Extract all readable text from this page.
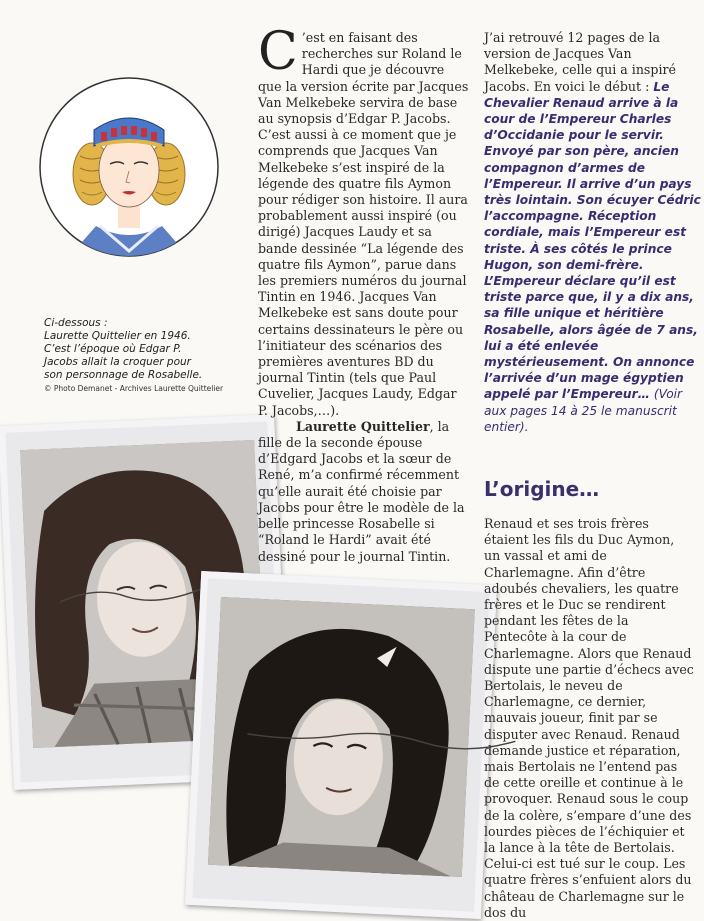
Ci-dessous :
Laurette Quittelier en 1946.
C’est l’époque où Edgar P.
Jacobs allait la croquer pour
son personnage de Rosabelle.
© Photo Demanet - Archives Laurette Quittelier

C ’est en faisant des recherches sur Roland le Hardi que je découvre que la version écrite par Jacques Van Melkebeke servira de base au synopsis d’Edgar P. Jacobs. C’est aussi à ce moment que je comprends que Jacques Van Melkebeke s’est inspiré de la légende des quatre fils Aymon pour rédiger son histoire. Il aura probablement aussi inspiré (ou dirigé) Jacques Laudy et sa bande dessinée “La légende des quatre fils Aymon”, parue dans les premiers numéros du journal Tintin en 1946. Jacques Van Melkebeke est sans doute pour certains dessinateurs le père ou l’initiateur des scénarios des premières aventures BD du journal Tintin (tels que Paul Cuvelier, Jacques Laudy, Edgar P. Jacobs,…).

Laurette Quittelier, la fille de la seconde épouse d’Edgard Jacobs et la sœur de René, m’a confirmé récemment qu’elle aurait été choisie par Jacobs pour être le modèle de la belle princesse Rosabelle si “Roland le Hardi” avait été dessiné pour le journal Tintin.

J’ai retrouvé 12 pages de la version de Jacques Van Melkebeke, celle qui a inspiré Jacobs. En voici le début : Le Chevalier Renaud arrive à la cour de l’Empereur Charles d’Occidanie pour le servir. Envoyé par son père, ancien compagnon d’armes de l’Empereur. Il arrive d’un pays très lointain. Son écuyer Cédric l’accompagne. Réception cordiale, mais l’Empereur est triste. À ses côtés le prince Hugon, son demi-frère. L’Empereur déclare qu’il est triste parce que, il y a dix ans, sa fille unique et héritière Rosabelle, alors âgée de 7 ans, lui a été enlevée mystérieusement. On annonce l’arrivée d’un mage égyptien appelé par l’Empereur… (Voir aux pages 14 à 25 le manuscrit entier).

L’origine…

Renaud et ses trois frères étaient les fils du Duc Aymon, un vassal et ami de Charlemagne. Afin d’être adoubés chevaliers, les quatre frères et le Duc se rendirent pendant les fêtes de la Pentecôte à la cour de Charlemagne. Alors que Renaud dispute une partie d’échecs avec Bertolais, le neveu de Charlemagne, ce dernier, mauvais joueur, finit par se disputer avec Renaud. Renaud demande justice et réparation, mais Bertolais ne l’entend pas de cette oreille et continue à le provoquer. Renaud sous le coup de la colère, s’empare d’une des lourdes pièces de l’échiquier et la lance à la tête de Bertolais. Celui-ci est tué sur le coup. Les quatre frères s’enfuient alors du château de Charlemagne sur le dos du
